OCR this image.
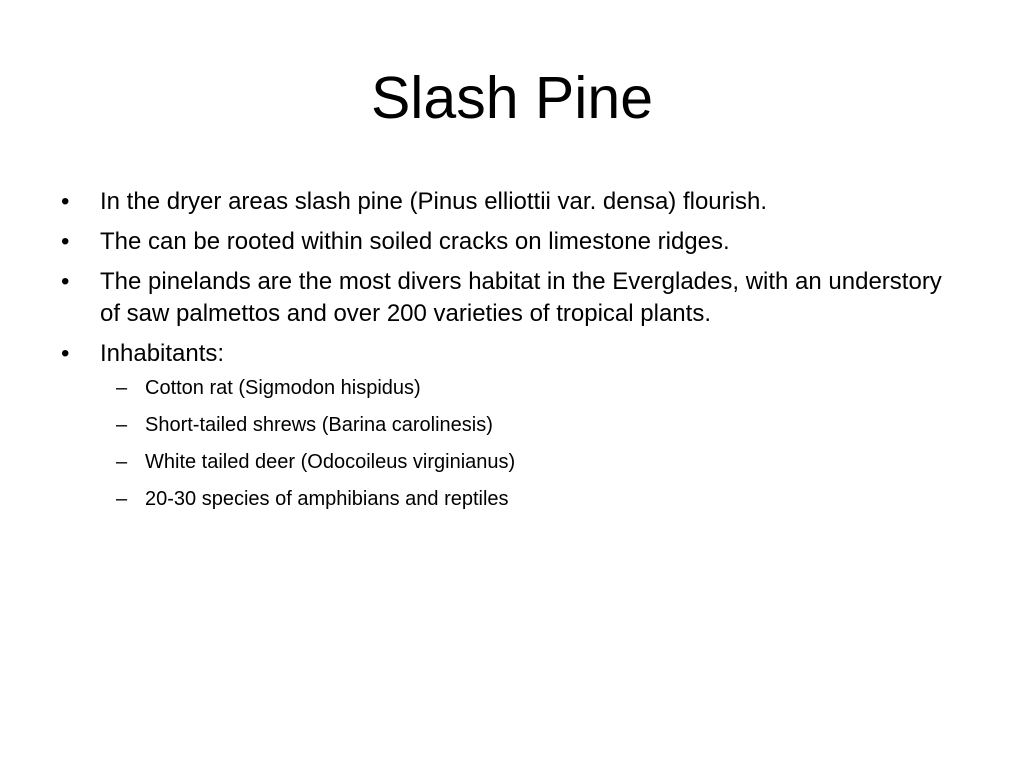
Slash Pine
•	In the dryer areas slash pine (Pinus elliottii var. densa) flourish.
•	The can be rooted within soiled cracks on limestone ridges.
•	The pinelands are the most divers habitat in the Everglades, with an understory of saw palmettos and over 200 varieties of tropical plants.
•	Inhabitants:
– Cotton rat (Sigmodon hispidus)
– Short-tailed shrews (Barina carolinesis)
– White tailed deer (Odocoileus virginianus)
– 20-30 species of amphibians and reptiles
